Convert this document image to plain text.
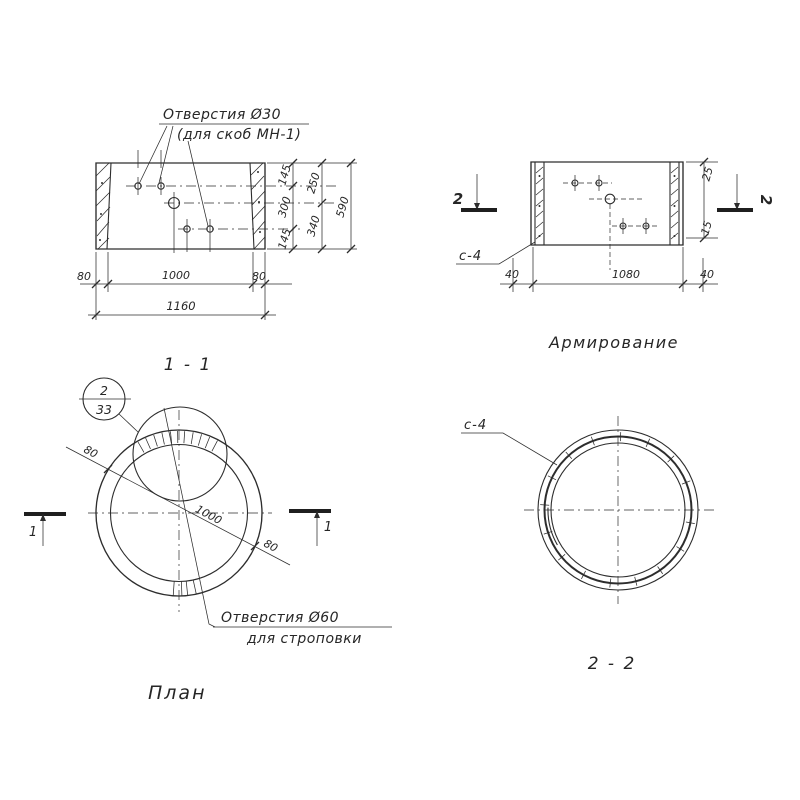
Отверстия Ø30
(для скоб МН-1)
80	1000	80
1160
145
300
145
250
340
590
1 - 1
2	2
с-4
40	1080	40
25
15
Армирование
80
1000
80
1	1
2
33
Отверстия Ø60
для строповки
План
с-4
2 - 2
